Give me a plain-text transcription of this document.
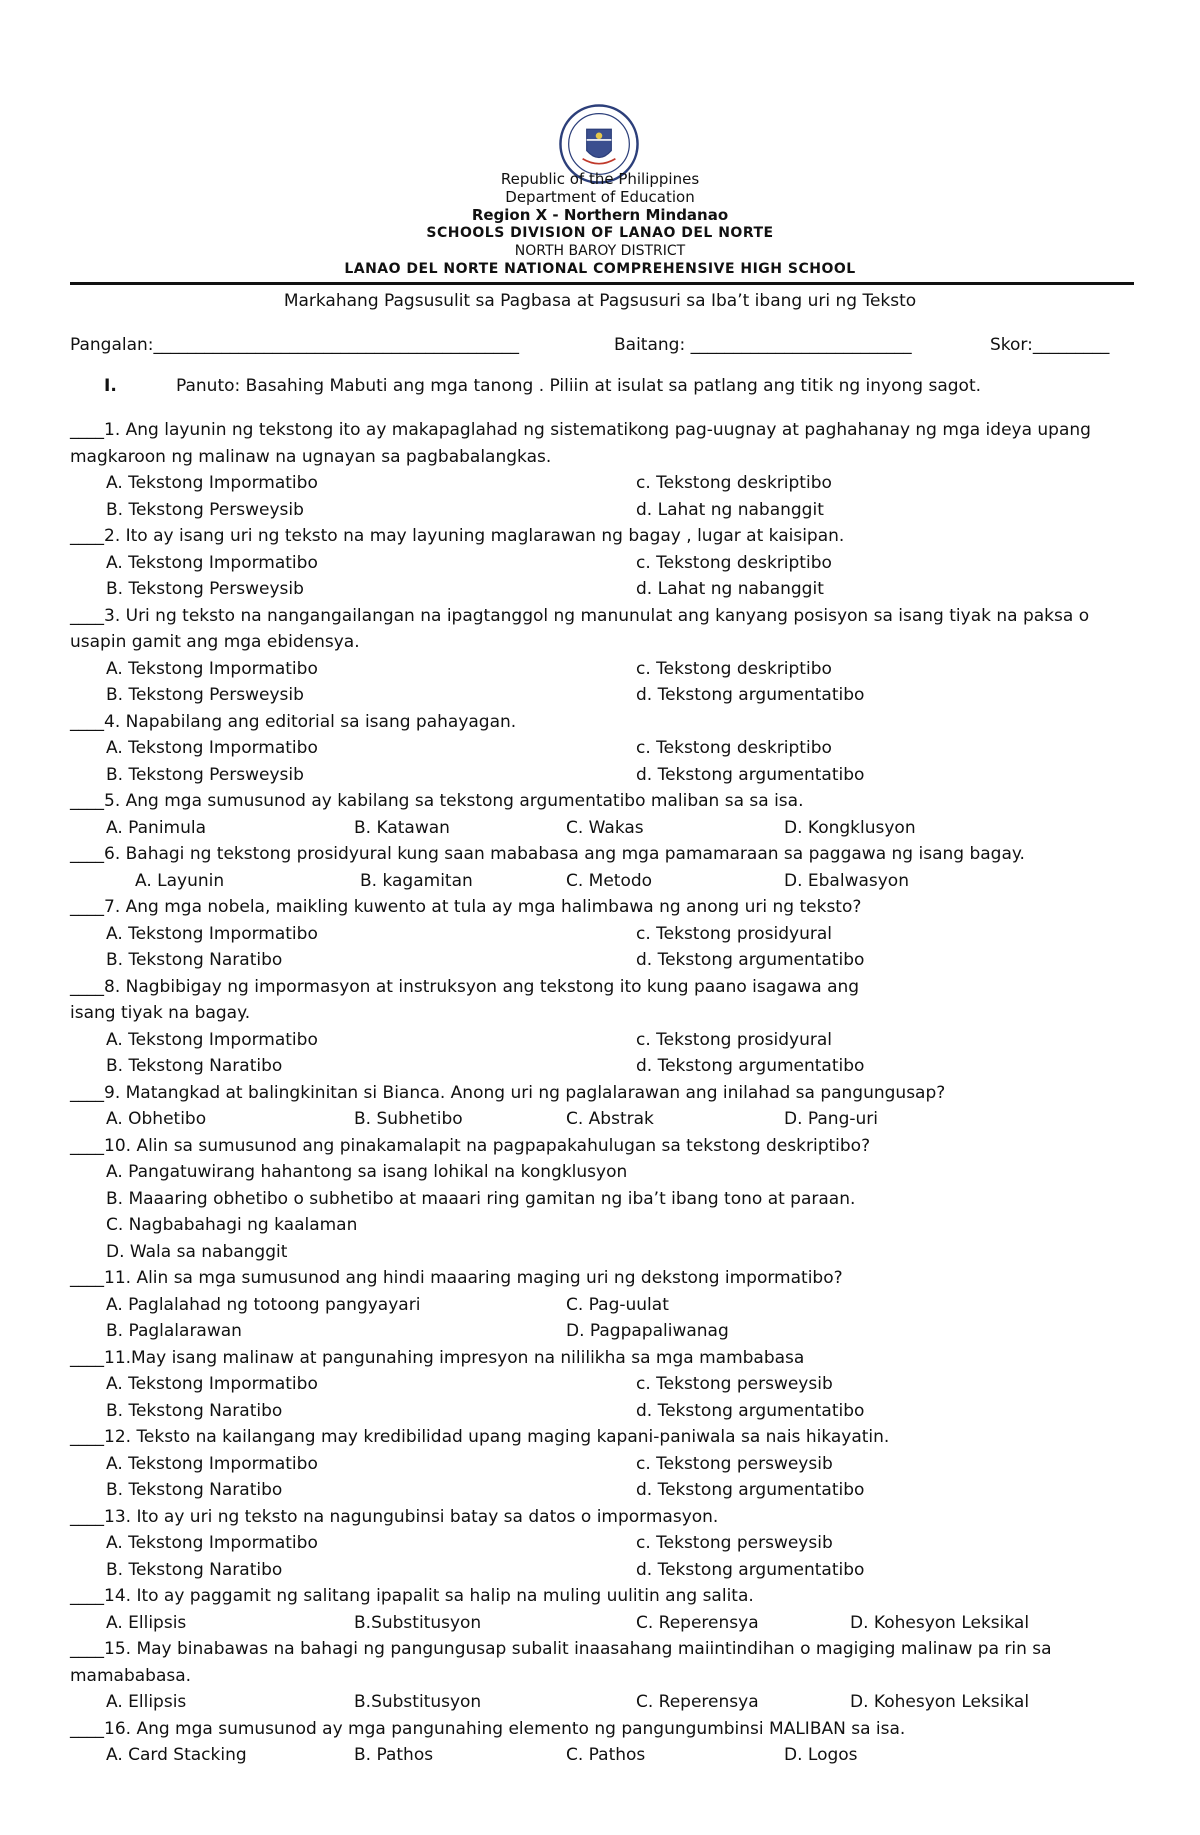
Republic of the Philippines
Department of Education
Region X - Northern Mindanao
SCHOOLS DIVISION OF LANAO DEL NORTE
NORTH BAROY DISTRICT
LANAO DEL NORTE NATIONAL COMPREHENSIVE HIGH SCHOOL
Markahang Pagsusulit sa Pagbasa at Pagsusuri sa Iba’t ibang uri ng Teksto
Pangalan:___________________________________________	Baitang: __________________________	Skor:_________
I.	Panuto: Basahing Mabuti ang mga tanong . Piliin at isulat sa patlang ang titik ng inyong sagot.
____1. Ang layunin ng tekstong ito ay makapaglahad ng sistematikong pag-uugnay at paghahanay ng mga ideya upang
magkaroon ng malinaw na ugnayan sa pagbabalangkas.
A. Tekstong Impormatibo	c. Tekstong deskriptibo
B. Tekstong Persweysib	d. Lahat ng nabanggit
____2. Ito ay isang uri ng teksto na may layuning maglarawan ng bagay , lugar at kaisipan.
A. Tekstong Impormatibo	c. Tekstong deskriptibo
B. Tekstong Persweysib	d. Lahat ng nabanggit
____3. Uri ng teksto na nangangailangan na ipagtanggol ng manunulat ang kanyang posisyon sa isang tiyak na paksa o
usapin gamit ang mga ebidensya.
A. Tekstong Impormatibo	c. Tekstong deskriptibo
B. Tekstong Persweysib	d. Tekstong argumentatibo
____4. Napabilang ang editorial sa isang pahayagan.
A. Tekstong Impormatibo	c. Tekstong deskriptibo
B. Tekstong Persweysib	d. Tekstong argumentatibo
____5. Ang mga sumusunod ay kabilang sa tekstong argumentatibo maliban sa sa isa.
A. Panimula	B. Katawan	C. Wakas	D. Kongklusyon
____6. Bahagi ng tekstong prosidyural kung saan mababasa ang mga pamamaraan sa paggawa ng isang bagay.
A. Layunin	B. kagamitan	C. Metodo	D. Ebalwasyon
____7. Ang mga nobela, maikling kuwento at tula ay mga halimbawa ng anong uri ng teksto?
A. Tekstong Impormatibo	c. Tekstong prosidyural
B. Tekstong Naratibo	d. Tekstong argumentatibo
____8. Nagbibigay ng impormasyon at instruksyon ang tekstong ito kung paano isagawa ang
isang tiyak na bagay.
A. Tekstong Impormatibo	c. Tekstong prosidyural
B. Tekstong Naratibo	d. Tekstong argumentatibo
____9. Matangkad at balingkinitan si Bianca. Anong uri ng paglalarawan ang inilahad sa pangungusap?
A. Obhetibo	B. Subhetibo	C. Abstrak	D. Pang-uri
____10. Alin sa sumusunod ang pinakamalapit na pagpapakahulugan sa tekstong deskriptibo?
A. Pangatuwirang hahantong sa isang lohikal na kongklusyon
B. Maaaring obhetibo o subhetibo at maaari ring gamitan ng iba’t ibang tono at paraan.
C. Nagbabahagi ng kaalaman
D. Wala sa nabanggit
____11. Alin sa mga sumusunod ang hindi maaaring maging uri ng dekstong impormatibo?
A. Paglalahad ng totoong pangyayari	C. Pag-uulat
B. Paglalarawan	D. Pagpapaliwanag
____11.May isang malinaw at pangunahing impresyon na nililikha sa mga mambabasa
A. Tekstong Impormatibo	c. Tekstong persweysib
B. Tekstong Naratibo	d. Tekstong argumentatibo
____12. Teksto na kailangang may kredibilidad upang maging kapani-paniwala sa nais hikayatin.
A. Tekstong Impormatibo	c. Tekstong persweysib
B. Tekstong Naratibo	d. Tekstong argumentatibo
____13. Ito ay uri ng teksto na nagungubinsi batay sa datos o impormasyon.
A. Tekstong Impormatibo	c. Tekstong persweysib
B. Tekstong Naratibo	d. Tekstong argumentatibo
____14. Ito ay paggamit ng salitang ipapalit sa halip na muling uulitin ang salita.
A. Ellipsis	B.Substitusyon	C. Reperensya	D. Kohesyon Leksikal
____15. May binabawas na bahagi ng pangungusap subalit inaasahang maiintindihan o magiging malinaw pa rin sa
mamababasa.
A. Ellipsis	B.Substitusyon	C. Reperensya	D. Kohesyon Leksikal
____16. Ang mga sumusunod ay mga pangunahing elemento ng pangungumbinsi MALIBAN sa isa.
A. Card Stacking	B. Pathos	C. Pathos	D. Logos
